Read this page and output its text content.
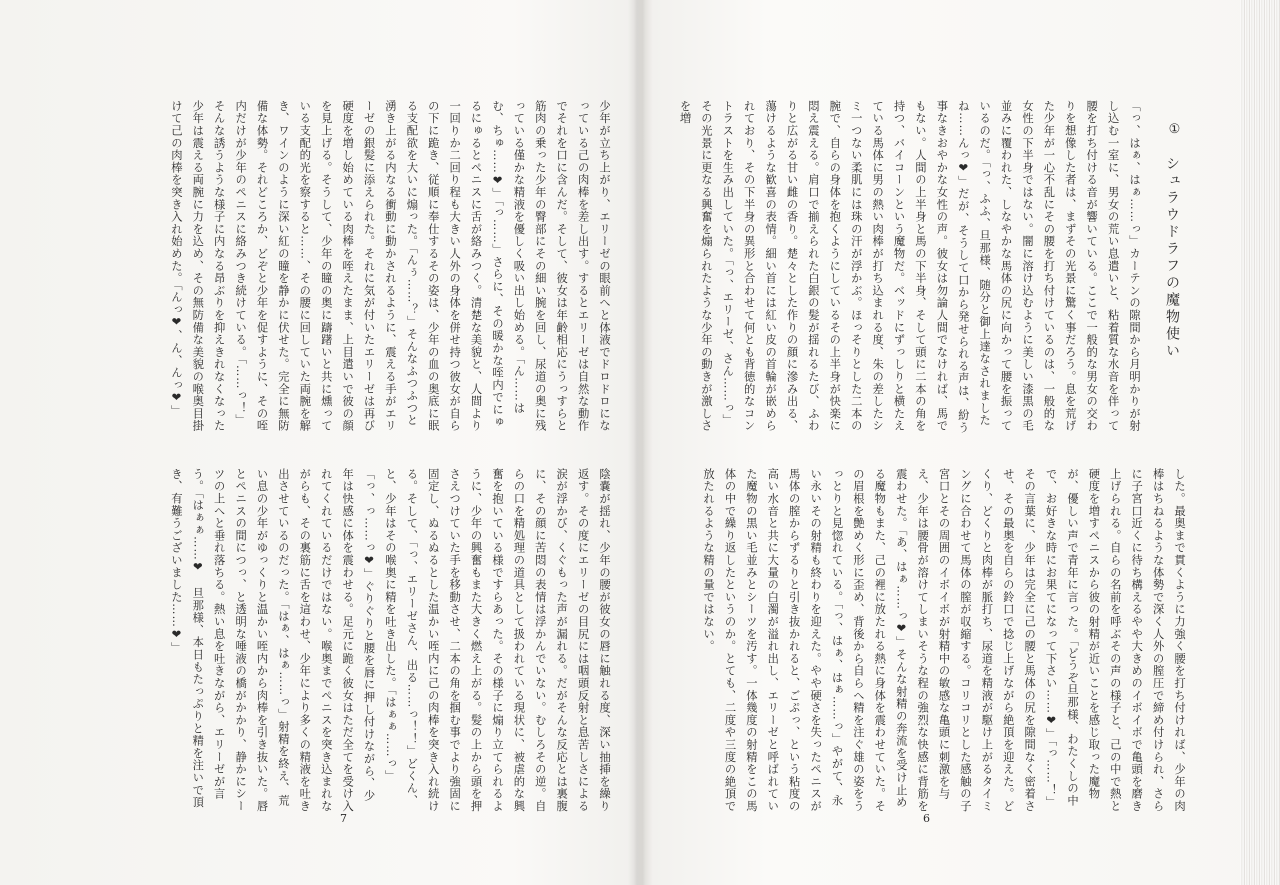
少年が立ち上がり、エリーゼの眼前へと体液でドロドロになっている己の肉棒を差し出す。するとエリーゼは自然な動作でそれを口に含んだ。そして、彼女は年齢相応にうっすらと筋肉の乗った少年の臀部にその細い腕を回し、尿道の奥に残っている僅かな精液を優しく吸い出し始める。「ん……はむ、ちゅ……❤」「っ……」さらに、その暖かな咥内でにゅるにゅるとペニスに舌が絡みつく。清楚な美貌と、人間より一回りか二回り程も大きい人外の身体を併せ持つ彼女が自らの下に跪き、従順に奉仕するその姿は、少年の血の奥底に眠る支配欲を大いに煽った。「んぅ……？」そんなふつふつと湧き上がる内なる衝動に動かされるように、震える手がエリーゼの銀髪に添えられた。それに気が付いたエリーゼは再び硬度を増し始めている肉棒を咥えたまま、上目遣いで彼の顔を見上げる。そうして、少年の瞳の奥に躊躇いと共に燻っている支配的光を察すると……、その腰に回していた両腕を解き、ワインのように深い紅の瞳を静かに伏せた。完全に無防備な体勢。それどころか、どぞと少年を促すように、その咥内だけが少年のペニスに絡みつき続けている。「……っ！」そんな誘うような様子に内なる昂ぶりを抑えきれなくなった少年は震える両腕に力を込め、その無防備な美貌の喉奥目掛けて己の肉棒を突き入れ始めた。「んっ❤、ん、んっ❤」

陰嚢が揺れ、少年の腰が彼女の唇に触れる度、深い抽挿を繰り返す。その度にエリーゼの目尻には咽頭反射と息苦しさによる涙が浮かび、くぐもった声が漏れる。だがそんな反応とは裏腹に、その顔に苦悶の表情は浮かんでいない。むしろその逆。自らの口を精処理の道具として扱われている現状に、被虐的な興奮を抱いている様ですらあった。その様子に煽り立てられるように、少年の興奮もまた大きく燃え上がる。髪の上から頭を押さえつけていた手を移動させ、二本の角を掴む事でより強固に固定し、ぬるぬるとした温かい咥内に己の肉棒を突き入れ続ける。そして、「っ、エリーゼさん、出る……っ！！」どくん、と、少年はその喉奥に精を吐き出した。「はぁぁ……っ」「っ、っ……っ❤」ぐりぐりと腰を唇に押し付けながら、少年は快感に体を震わせる。足元に跪く彼女はただ全てを受け入れてくれているだけではない。喉奥までペニスを突き込まれながらも、その裏筋に舌を這わせ、少年により多くの精液を吐き出させているのだった。「はぁ、はぁ……っ」射精を終え、荒い息の少年がゆっくりと温かい咥内から肉棒を引き抜いた。唇とペニスの間につっ、と透明な唾液の橋がかかり、静かにシーツの上へと垂れ落ちる。熱い息を吐きながら、エリーゼが言う。「はぁぁ……❤　旦那様、本日もたっぷりと精を注いで頂き、有難うございました……❤」

7
①
シュラウドラフの魔物使い

「っ、はぁ、はぁ……っ」カーテンの隙間から月明かりが射し込む一室に、男女の荒い息遣いと、粘着質な水音を伴って腰を打ち付ける音が響いている。ここで一般的な男女の交わりを想像した者は、まずその光景に驚く事だろう。息を荒げた少年が一心不乱にその腰を打ち付けているのは、一般的な女性の下半身ではない。闇に溶け込むように美しい漆黒の毛並みに覆われた、しなやかな馬体の尻に向かって腰を振っているのだ。「っ、ふふ、旦那様、随分と御上達なされましたね……んっ❤」だが、そうして口から発せられる声は、紛う事なきおやかな女性の声。彼女は勿論人間でなければ、馬でもない。人間の上半身と馬の下半身、そして頭に二本の角を持つ、バイコーンという魔物だ。ベッドにずっしりと横たえている馬体に男の熱い肉棒が打ち込まれる度、朱の差したシミ一つない柔肌には珠の汗が浮かぶ。ほっそりとした二本の腕で、自らの身体を抱くようにしているその上半身が快楽に悶え震える。肩口で揃えられた白銀の髪が揺れるたび、ふわりと広がる甘い雌の香り。楚々とした作りの顔に滲み出る、蕩けるような歓喜の表情。細い首には紅い皮の首輪が嵌められており、その下半身の異形と合わせて何とも背徳的なコントラストを生み出していた。「っ、エリーゼ、さん……っ」その光景に更なる興奮を煽られたような少年の動きが激しさを増

した。最奥まで貫くように力強く腰を打ち付ければ、少年の肉棒はちねるような体勢で深く人外の膣圧で締め付けられ、さらに子宮口近くに待ち構えるやや大きめのイボイボで亀頭を磨き上げられる。自らの名前を呼ぶその声の様子と、己の中で熱と硬度を増すペニスから彼の射精が近いことを感じ取った魔物が、優しい声で青年に言った。「どうぞ旦那様、わたくしの中で、お好きな時にお果てになって下さい……❤」「っ……！」その言葉に、少年は完全に己の腰と馬体の尻を隙間なく密着させ、その最奥を自らの鈴口で捻じ上げながら絶頂を迎えた。どくり、どくりと肉棒が脈打ち、尿道を精液が駆け上がるタイミングに合わせて馬体の膣が収縮する。コリコリとした感触の子宮口とその周囲のイボイボが射精中の敏感な亀頭に刺激を与え、少年は腰骨が溶けてしまいそうな程の強烈な快感に背筋を震わせた。「あ、はぁ……っ❤」そんな射精の奔流を受け止める魔物もまた、己の裡に放たれる熱に身体を震わせていた。その眉根を艶めく形に歪め、背後から自らへ精を注ぐ雄の姿をうっとりと見惚れている。「っ、はぁ、はぁ……っ」やがて、永い永いその射精も終わりを迎えた。やや硬さを失ったペニスが馬体の膣からずるりと引き抜かれると、ごぷっ、という粘度の高い水音と共に大量の白濁が溢れ出し、エリーゼと呼ばれていた魔物の黒い毛並みとシーツを汚す。一体幾度の射精をこの馬体の中で繰り返したというのか。とても、二度や三度の絶頂で放たれるような精の量ではない。

6
